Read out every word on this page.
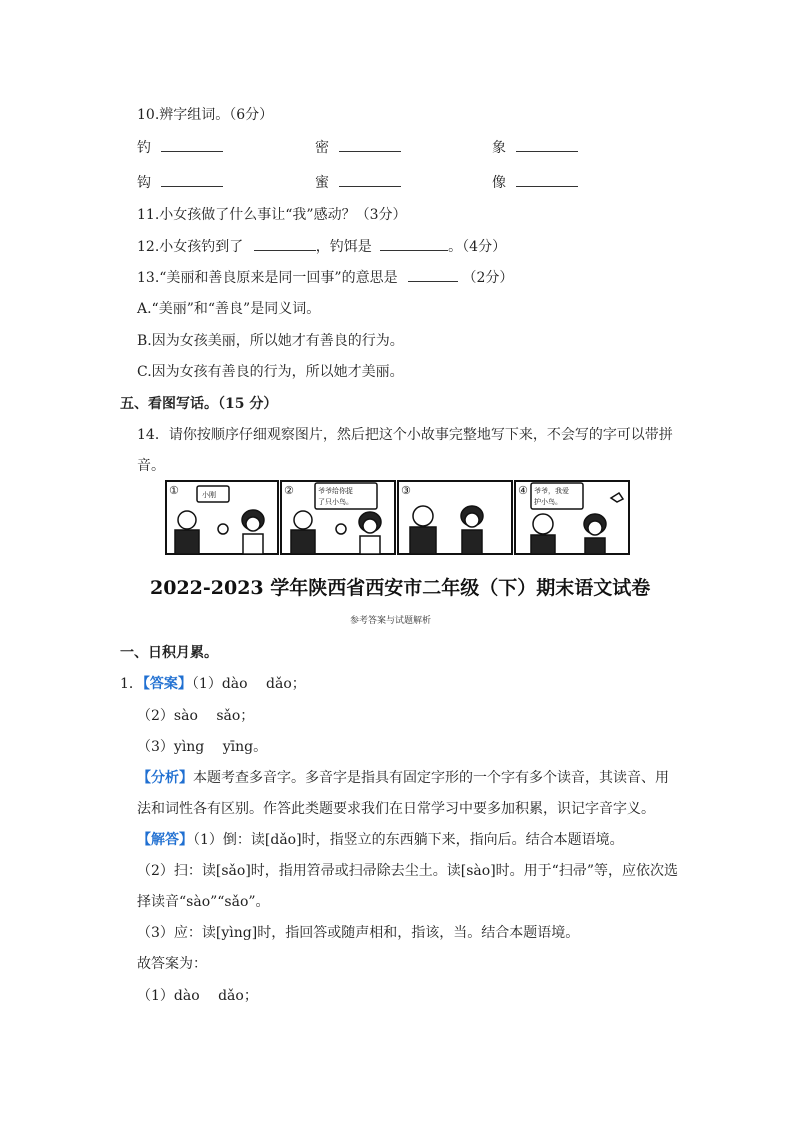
10.辨字组词。（6分）
钓	密	象
钩	蜜	像
11.小女孩做了什么事让“我”感动？（3分）
12.小女孩钓到了	，钓饵是	。（4分）
13.“美丽和善良原来是同一回事”的意思是	（2分）
A.“美丽”和“善良”是同义词。
B.因为女孩美丽，所以她才有善良的行为。
C.因为女孩有善良的行为，所以她才美丽。
五、看图写话。（15 分）
14．请你按顺序仔细观察图片，然后把这个小故事完整地写下来，不会写的字可以带拼
音。
①	②	③	④
小刚	爷爷给你捉
了只小鸟。
爷爷，我爱
护小鸟。
2022-2023 学年陕西省西安市二年级（下）期末语文试卷
参考答案与试题解析
一、日积月累。
1．【答案】（1）dào　 dǎo；
（2）sào　 sǎo；
（3）yìng　 yīng。
【分析】本题考查多音字。多音字是指具有固定字形的一个字有多个读音，其读音、用
法和词性各有区别。作答此类题要求我们在日常学习中要多加积累，识记字音字义。
【解答】（1）倒：读[dǎo]时，指竖立的东西躺下来，指向后。结合本题语境。
（2）扫：读[sǎo]时，指用笤帚或扫帚除去尘土。读[sào]时。用于“扫帚”等，应依次选
择读音“sào”“sǎo”。
（3）应：读[yìng]时，指回答或随声相和，指该，当。结合本题语境。
故答案为：
（1）dào　 dǎo；
